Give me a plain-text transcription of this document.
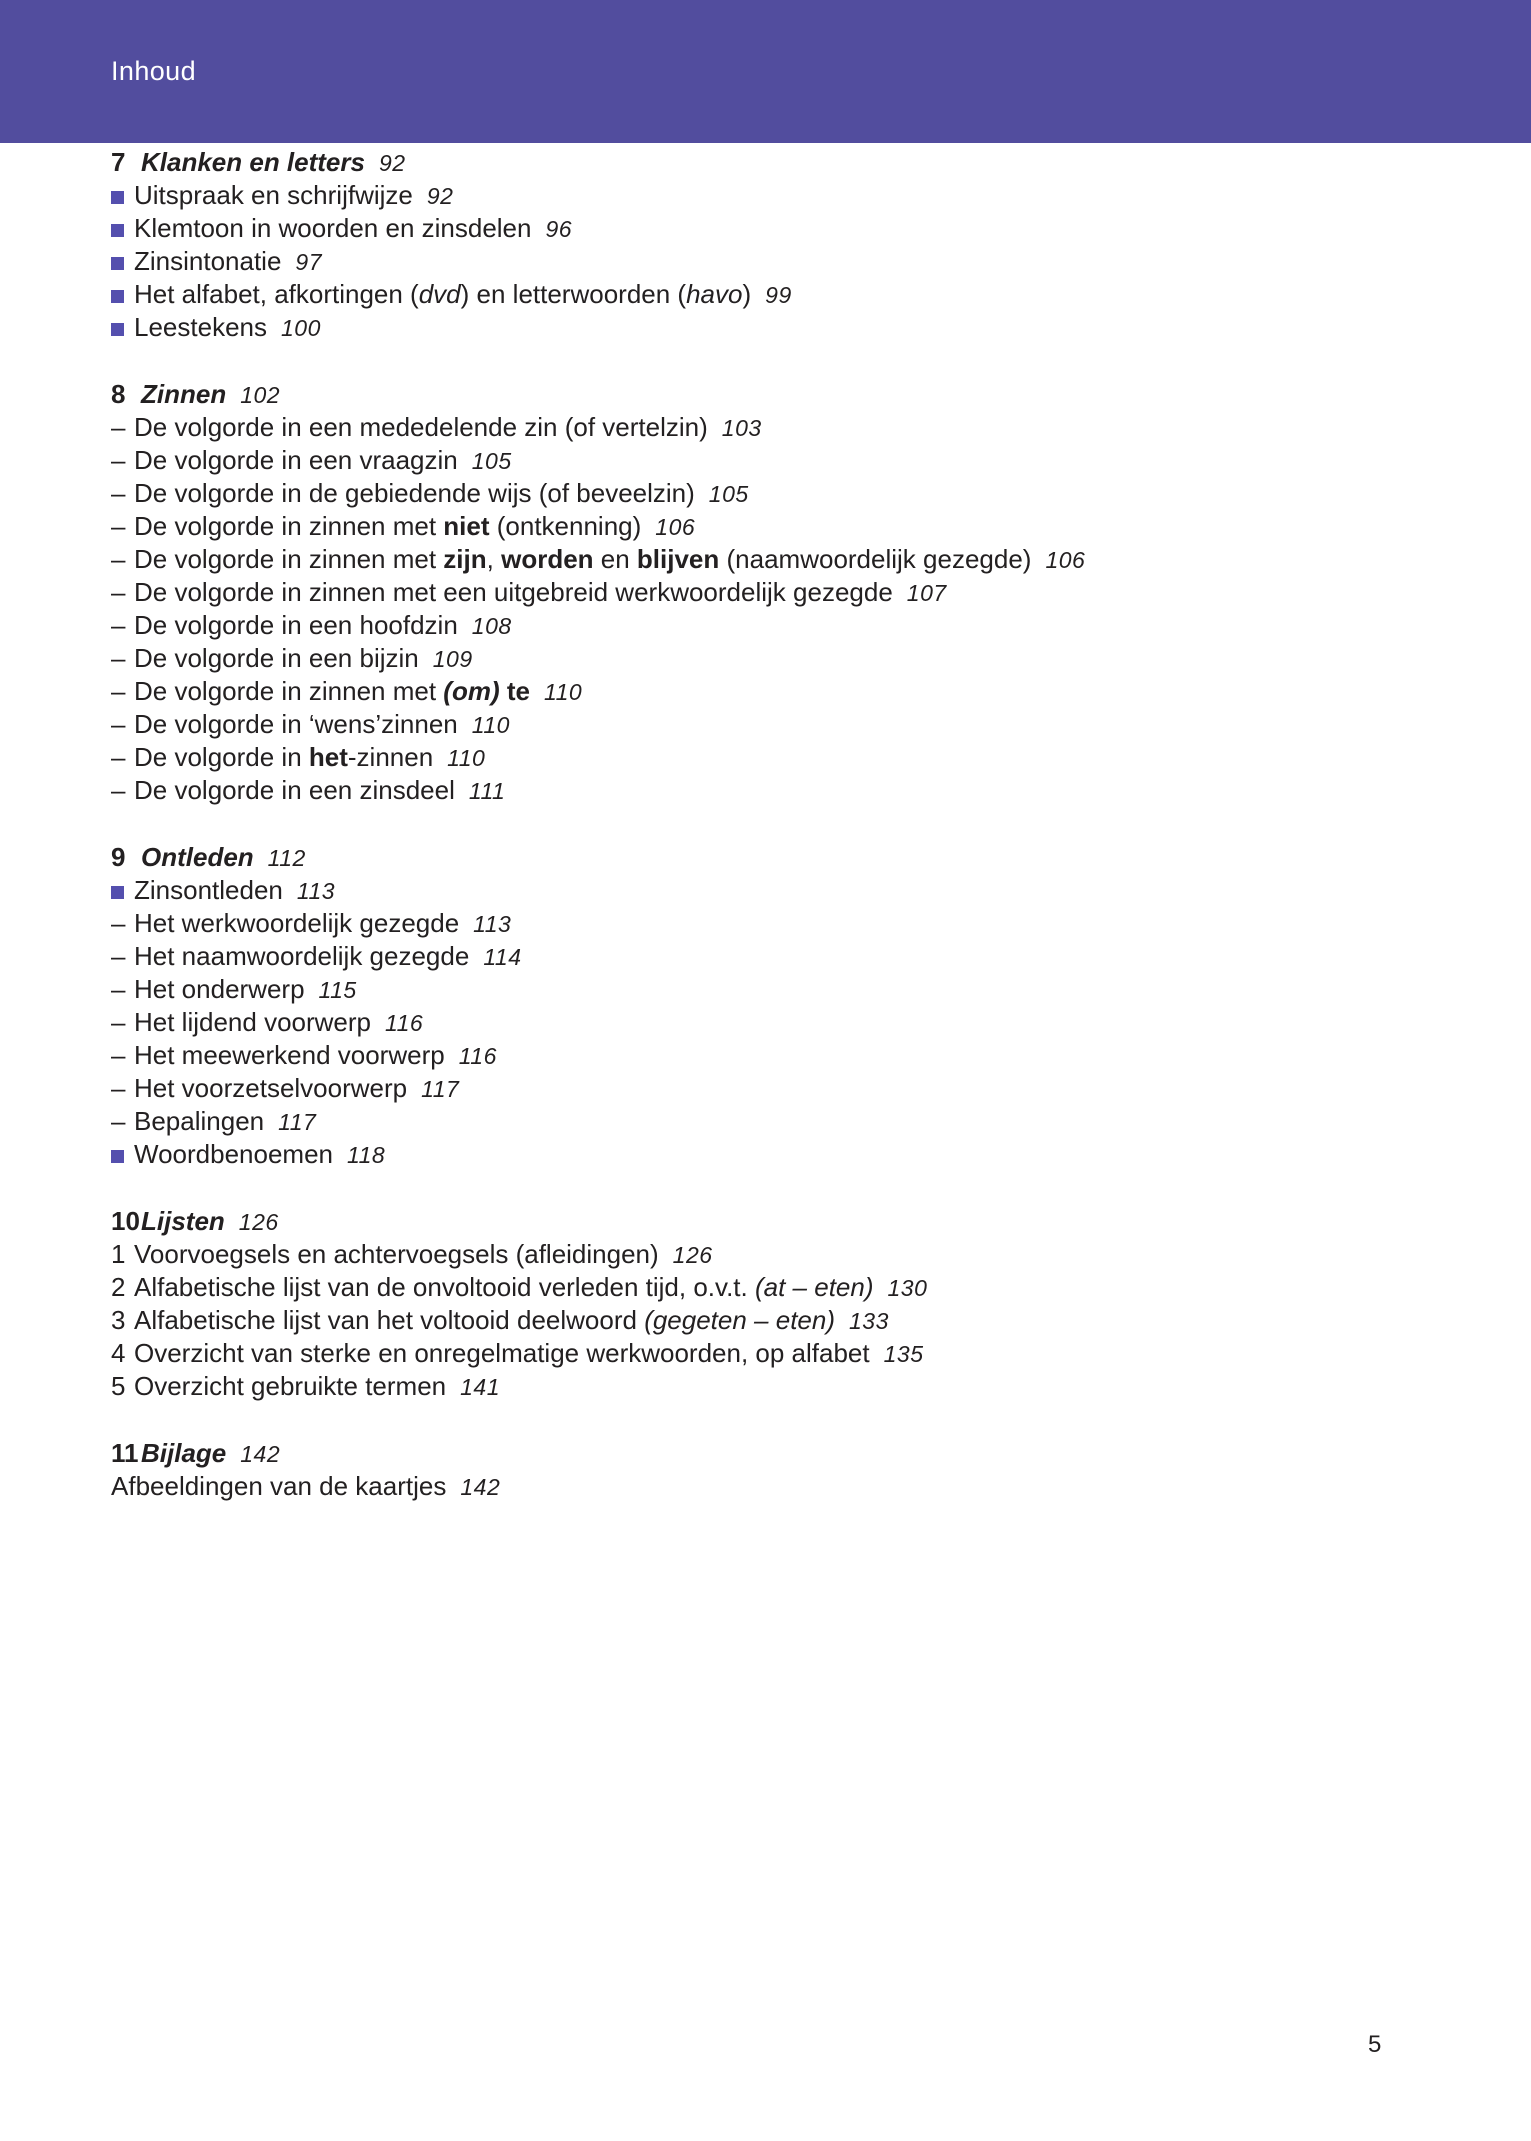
Inhoud
7 Klanken en letters 92
Uitspraak en schrijfwijze 92
Klemtoon in woorden en zinsdelen 96
Zinsintonatie 97
Het alfabet, afkortingen (dvd) en letterwoorden (havo) 99
Leestekens 100
8 Zinnen 102
– De volgorde in een mededelende zin (of vertelzin) 103
– De volgorde in een vraagzin 105
– De volgorde in de gebiedende wijs (of beveelzin) 105
– De volgorde in zinnen met niet (ontkenning) 106
– De volgorde in zinnen met zijn, worden en blijven (naamwoordelijk gezegde) 106
– De volgorde in zinnen met een uitgebreid werkwoordelijk gezegde 107
– De volgorde in een hoofdzin 108
– De volgorde in een bijzin 109
– De volgorde in zinnen met (om) te 110
– De volgorde in ‘wens’zinnen 110
– De volgorde in het-zinnen 110
– De volgorde in een zinsdeel 111
9 Ontleden 112
Zinsontleden 113
– Het werkwoordelijk gezegde 113
– Het naamwoordelijk gezegde 114
– Het onderwerp 115
– Het lijdend voorwerp 116
– Het meewerkend voorwerp 116
– Het voorzetselvoorwerp 117
– Bepalingen 117
Woordbenoemen 118
10Lijsten 126
1 Voorvoegsels en achtervoegsels (afleidingen) 126
2 Alfabetische lijst van de onvoltooid verleden tijd, o.v.t. (at – eten) 130
3 Alfabetische lijst van het voltooid deelwoord (gegeten – eten) 133
4 Overzicht van sterke en onregelmatige werkwoorden, op alfabet 135
5 Overzicht gebruikte termen 141
11Bijlage 142
Afbeeldingen van de kaartjes 142
5
